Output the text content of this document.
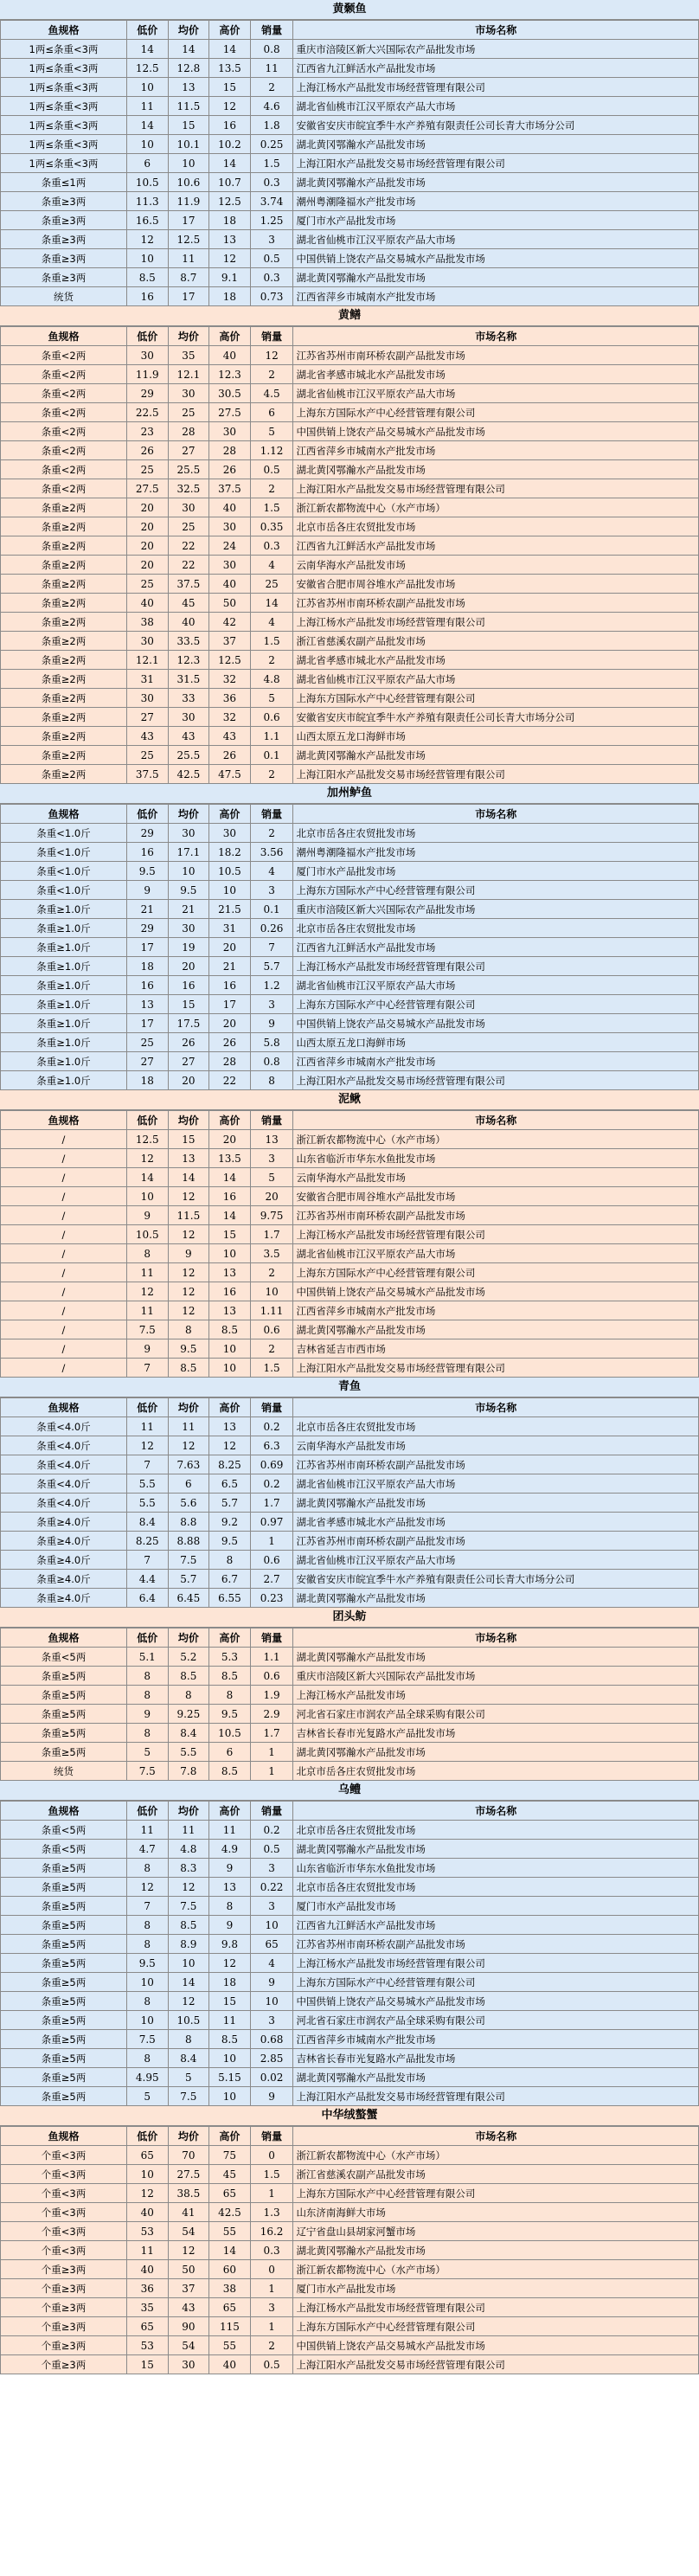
黄颡鱼
鱼规格	低价	均价	高价	销量	市场名称
1两≤条重<3两	14	14	14	0.8	重庆市涪陵区新大兴国际农产品批发市场
1两≤条重<3两	12.5	12.8	13.5	11	江西省九江鲜活水产品批发市场
1两≤条重<3两	10	13	15	2	上海江杨水产品批发市场经营管理有限公司
1两≤条重<3两	11	11.5	12	4.6	湖北省仙桃市江汉平原农产品大市场
1两≤条重<3两	14	15	16	1.8	安徽省安庆市皖宜季牛水产养殖有限责任公司长青大市场分公司
1两≤条重<3两	10	10.1	10.2	0.25	湖北黄冈鄂瀚水产品批发市场
1两≤条重<3两	6	10	14	1.5	上海江阳水产品批发交易市场经营管理有限公司
条重≤1两	10.5	10.6	10.7	0.3	湖北黄冈鄂瀚水产品批发市场
条重≥3两	11.3	11.9	12.5	3.74	潮州粤潮隆福水产批发市场
条重≥3两	16.5	17	18	1.25	厦门市水产品批发市场
条重≥3两	12	12.5	13	3	湖北省仙桃市江汉平原农产品大市场
条重≥3两	10	11	12	0.5	中国供销上饶农产品交易城水产品批发市场
条重≥3两	8.5	8.7	9.1	0.3	湖北黄冈鄂瀚水产品批发市场
统货	16	17	18	0.73	江西省萍乡市城南水产批发市场
黄鳝
鱼规格	低价	均价	高价	销量	市场名称
条重<2两	30	35	40	12	江苏省苏州市南环桥农副产品批发市场
条重<2两	11.9	12.1	12.3	2	湖北省孝感市城北水产品批发市场
条重<2两	29	30	30.5	4.5	湖北省仙桃市江汉平原农产品大市场
条重<2两	22.5	25	27.5	6	上海东方国际水产中心经营管理有限公司
条重<2两	23	28	30	5	中国供销上饶农产品交易城水产品批发市场
条重<2两	26	27	28	1.12	江西省萍乡市城南水产批发市场
条重<2两	25	25.5	26	0.5	湖北黄冈鄂瀚水产品批发市场
条重<2两	27.5	32.5	37.5	2	上海江阳水产品批发交易市场经营管理有限公司
条重≥2两	20	30	40	1.5	浙江新农都物流中心（水产市场）
条重≥2两	20	25	30	0.35	北京市岳各庄农贸批发市场
条重≥2两	20	22	24	0.3	江西省九江鲜活水产品批发市场
条重≥2两	20	22	30	4	云南华海水产品批发市场
条重≥2两	25	37.5	40	25	安徽省合肥市周谷堆水产品批发市场
条重≥2两	40	45	50	14	江苏省苏州市南环桥农副产品批发市场
条重≥2两	38	40	42	4	上海江杨水产品批发市场经营管理有限公司
条重≥2两	30	33.5	37	1.5	浙江省慈溪农副产品批发市场
条重≥2两	12.1	12.3	12.5	2	湖北省孝感市城北水产品批发市场
条重≥2两	31	31.5	32	4.8	湖北省仙桃市江汉平原农产品大市场
条重≥2两	30	33	36	5	上海东方国际水产中心经营管理有限公司
条重≥2两	27	30	32	0.6	安徽省安庆市皖宜季牛水产养殖有限责任公司长青大市场分公司
条重≥2两	43	43	43	1.1	山西太原五龙口海鲜市场
条重≥2两	25	25.5	26	0.1	湖北黄冈鄂瀚水产品批发市场
条重≥2两	37.5	42.5	47.5	2	上海江阳水产品批发交易市场经营管理有限公司
加州鲈鱼
鱼规格	低价	均价	高价	销量	市场名称
条重<1.0斤	29	30	30	2	北京市岳各庄农贸批发市场
条重<1.0斤	16	17.1	18.2	3.56	潮州粤潮隆福水产批发市场
条重<1.0斤	9.5	10	10.5	4	厦门市水产品批发市场
条重<1.0斤	9	9.5	10	3	上海东方国际水产中心经营管理有限公司
条重≥1.0斤	21	21	21.5	0.1	重庆市涪陵区新大兴国际农产品批发市场
条重≥1.0斤	29	30	31	0.26	北京市岳各庄农贸批发市场
条重≥1.0斤	17	19	20	7	江西省九江鲜活水产品批发市场
条重≥1.0斤	18	20	21	5.7	上海江杨水产品批发市场经营管理有限公司
条重≥1.0斤	16	16	16	1.2	湖北省仙桃市江汉平原农产品大市场
条重≥1.0斤	13	15	17	3	上海东方国际水产中心经营管理有限公司
条重≥1.0斤	17	17.5	20	9	中国供销上饶农产品交易城水产品批发市场
条重≥1.0斤	25	26	26	5.8	山西太原五龙口海鲜市场
条重≥1.0斤	27	27	28	0.8	江西省萍乡市城南水产批发市场
条重≥1.0斤	18	20	22	8	上海江阳水产品批发交易市场经营管理有限公司
泥鳅
鱼规格	低价	均价	高价	销量	市场名称
/	12.5	15	20	13	浙江新农都物流中心（水产市场）
/	12	13	13.5	3	山东省临沂市华东水鱼批发市场
/	14	14	14	5	云南华海水产品批发市场
/	10	12	16	20	安徽省合肥市周谷堆水产品批发市场
/	9	11.5	14	9.75	江苏省苏州市南环桥农副产品批发市场
/	10.5	12	15	1.7	上海江杨水产品批发市场经营管理有限公司
/	8	9	10	3.5	湖北省仙桃市江汉平原农产品大市场
/	11	12	13	2	上海东方国际水产中心经营管理有限公司
/	12	12	16	10	中国供销上饶农产品交易城水产品批发市场
/	11	12	13	1.11	江西省萍乡市城南水产批发市场
/	7.5	8	8.5	0.6	湖北黄冈鄂瀚水产品批发市场
/	9	9.5	10	2	吉林省延吉市西市场
/	7	8.5	10	1.5	上海江阳水产品批发交易市场经营管理有限公司
青鱼
鱼规格	低价	均价	高价	销量	市场名称
条重<4.0斤	11	11	13	0.2	北京市岳各庄农贸批发市场
条重<4.0斤	12	12	12	6.3	云南华海水产品批发市场
条重<4.0斤	7	7.63	8.25	0.69	江苏省苏州市南环桥农副产品批发市场
条重<4.0斤	5.5	6	6.5	0.2	湖北省仙桃市江汉平原农产品大市场
条重<4.0斤	5.5	5.6	5.7	1.7	湖北黄冈鄂瀚水产品批发市场
条重≥4.0斤	8.4	8.8	9.2	0.97	湖北省孝感市城北水产品批发市场
条重≥4.0斤	8.25	8.88	9.5	1	江苏省苏州市南环桥农副产品批发市场
条重≥4.0斤	7	7.5	8	0.6	湖北省仙桃市江汉平原农产品大市场
条重≥4.0斤	4.4	5.7	6.7	2.7	安徽省安庆市皖宜季牛水产养殖有限责任公司长青大市场分公司
条重≥4.0斤	6.4	6.45	6.55	0.23	湖北黄冈鄂瀚水产品批发市场
团头鲂
鱼规格	低价	均价	高价	销量	市场名称
条重<5两	5.1	5.2	5.3	1.1	湖北黄冈鄂瀚水产品批发市场
条重≥5两	8	8.5	8.5	0.6	重庆市涪陵区新大兴国际农产品批发市场
条重≥5两	8	8	8	1.9	上海江杨水产品批发市场
条重≥5两	9	9.25	9.5	2.9	河北省石家庄市润农产品全球采购有限公司
条重≥5两	8	8.4	10.5	1.7	吉林省长春市光复路水产品批发市场
条重≥5两	5	5.5	6	1	湖北黄冈鄂瀚水产品批发市场
统货	7.5	7.8	8.5	1	北京市岳各庄农贸批发市场
乌鳢
鱼规格	低价	均价	高价	销量	市场名称
条重<5两	11	11	11	0.2	北京市岳各庄农贸批发市场
条重<5两	4.7	4.8	4.9	0.5	湖北黄冈鄂瀚水产品批发市场
条重≥5两	8	8.3	9	3	山东省临沂市华东水鱼批发市场
条重≥5两	12	12	13	0.22	北京市岳各庄农贸批发市场
条重≥5两	7	7.5	8	3	厦门市水产品批发市场
条重≥5两	8	8.5	9	10	江西省九江鲜活水产品批发市场
条重≥5两	8	8.9	9.8	65	江苏省苏州市南环桥农副产品批发市场
条重≥5两	9.5	10	12	4	上海江杨水产品批发市场经营管理有限公司
条重≥5两	10	14	18	9	上海东方国际水产中心经营管理有限公司
条重≥5两	8	12	15	10	中国供销上饶农产品交易城水产品批发市场
条重≥5两	10	10.5	11	3	河北省石家庄市润农产品全球采购有限公司
条重≥5两	7.5	8	8.5	0.68	江西省萍乡市城南水产批发市场
条重≥5两	8	8.4	10	2.85	吉林省长春市光复路水产品批发市场
条重≥5两	4.95	5	5.15	0.02	湖北黄冈鄂瀚水产品批发市场
条重≥5两	5	7.5	10	9	上海江阳水产品批发交易市场经营管理有限公司
中华绒螯蟹
鱼规格	低价	均价	高价	销量	市场名称
个重<3两	65	70	75	0	浙江新农都物流中心（水产市场）
个重<3两	10	27.5	45	1.5	浙江省慈溪农副产品批发市场
个重<3两	12	38.5	65	1	上海东方国际水产中心经营管理有限公司
个重<3两	40	41	42.5	1.3	山东济南海鲜大市场
个重<3两	53	54	55	16.2	辽宁省盘山县胡家河蟹市场
个重<3两	11	12	14	0.3	湖北黄冈鄂瀚水产品批发市场
个重≥3两	40	50	60	0	浙江新农都物流中心（水产市场）
个重≥3两	36	37	38	1	厦门市水产品批发市场
个重≥3两	35	43	65	3	上海江杨水产品批发市场经营管理有限公司
个重≥3两	65	90	115	1	上海东方国际水产中心经营管理有限公司
个重≥3两	53	54	55	2	中国供销上饶农产品交易城水产品批发市场
个重≥3两	15	30	40	0.5	上海江阳水产品批发交易市场经营管理有限公司
